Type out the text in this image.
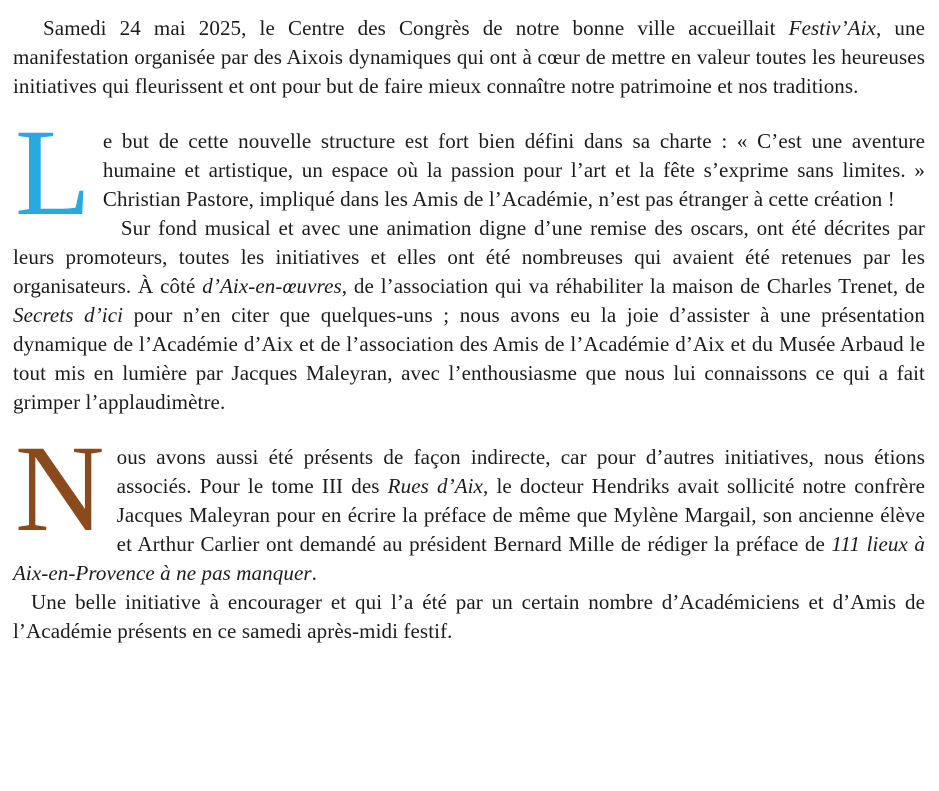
Samedi 24 mai 2025, le Centre des Congrès de notre bonne ville accueillait Festiv’Aix, une manifestation organisée par des Aixois dynamiques qui ont à cœur de mettre en valeur toutes les heureuses initiatives qui fleurissent et ont pour but de faire mieux connaître notre patrimoine et nos traditions.

Le but de cette nouvelle structure est fort bien défini dans sa charte : « C’est une aventure humaine et artistique, un espace où la passion pour l’art et la fête s’exprime sans limites. » Christian Pastore, impliqué dans les Amis de l’Académie, n’est pas étranger à cette création !

Sur fond musical et avec une animation digne d’une remise des oscars, ont été décrites par leurs promoteurs, toutes les initiatives et elles ont été nombreuses qui avaient été retenues par les organisateurs. À côté d’Aix-en-œuvres, de l’association qui va réhabiliter la maison de Charles Trenet, de Secrets d’ici pour n’en citer que quelques-uns ; nous avons eu la joie d’assister à une présentation dynamique de l’Académie d’Aix et de l’association des Amis de l’Académie d’Aix et du Musée Arbaud le tout mis en lumière par Jacques Maleyran, avec l’enthousiasme que nous lui connaissons ce qui a fait grimper l’applaudimètre.

Nous avons aussi été présents de façon indirecte, car pour d’autres initiatives, nous étions associés. Pour le tome III des Rues d’Aix, le docteur Hendriks avait sollicité notre confrère Jacques Maleyran pour en écrire la préface de même que Mylène Margail, son ancienne élève et Arthur Carlier ont demandé au président Bernard Mille de rédiger la préface de 111 lieux à Aix-en-Provence à ne pas manquer.

Une belle initiative à encourager et qui l’a été par un certain nombre d’Académiciens et d’Amis de l’Académie présents en ce samedi après-midi festif.
